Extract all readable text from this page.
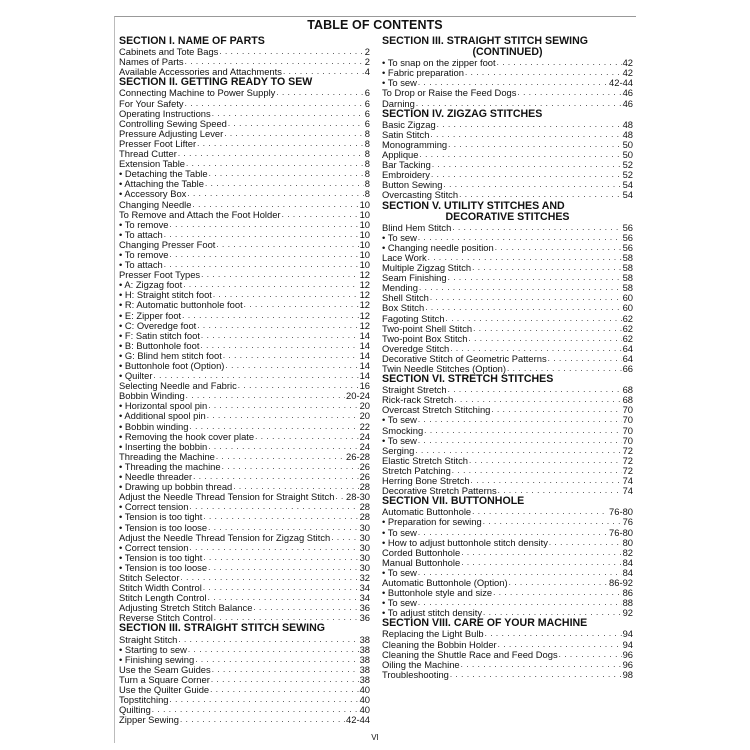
TABLE OF CONTENTS
SECTION I. NAME OF PARTS
Cabinets and Tote Bags . . .	2
Names of Parts . . .	2
Available Accessories and Attachments . . .	4
SECTION II. GETTING READY TO SEW
Connecting Machine to Power Supply . . .	6
For Your Safety . . .	6
Operating Instructions . . .	6
Controlling Sewing Speed . . .	6
Pressure Adjusting Lever . . .	8
Presser Foot Lifter . . .	8
Thread Cutter . . .	8
Extension Table . . .	8
• Detaching the Table . . .	8
• Attaching the Table . . .	8
• Accessory Box . . .	8
Changing Needle . . .	10
To Remove and Attach the Foot Holder . . .	10
• To remove . . .	10
• To attach . . .	10
Changing Presser Foot . . .	10
• To remove . . .	10
• To attach . . .	10
Presser Foot Types . . .	12
• A: Zigzag foot . . .	12
• H: Straight stitch foot . . .	12
• R: Automatic buttonhole foot . . .	12
• E: Zipper foot . . .	12
• C: Overedge foot . . .	12
• F: Satin stitch foot . . .	14
• B: Buttonhole foot . . .	14
• G: Blind hem stitch foot . . .	14
• Buttonhole foot (Option) . . .	14
• Quilter . . .	14
Selecting Needle and Fabric . . .	16
Bobbin Winding . . .	20-24
• Horizontal spool pin . . .	20
• Additional spool pin . . .	20
• Bobbin winding . . .	22
• Removing the hook cover plate . . .	24
• Inserting the bobbin . . .	24
Threading the Machine . . .	26-28
• Threading the machine . . .	26
• Needle threader . . .	26
• Drawing up bobbin thread . . .	28
Adjust the Needle Thread Tension for Straight Stitch . . . 28-30
• Correct tension . . .	28
• Tension is too tight . . .	28
• Tension is too loose . . .	30
Adjust the Needle Thread Tension for Zigzag Stitch . . .	30
• Correct tension . . .	30
• Tension is too tight . . .	30
• Tension is too loose . . .	30
Stitch Selector . . .	32
Stitch Width Control . . .	34
Stitch Length Control . . .	34
Adjusting Stretch Stitch Balance . . .	36
Reverse Stitch Control . . .	36
SECTION III. STRAIGHT STITCH SEWING
Straight Stitch . . .	38
• Starting to sew . . .	38
• Finishing sewing . . .	38
Use the Seam Guides . . .	38
Turn a Square Corner . . .	38
Use the Quilter Guide . . .	40
Topstitching . . .	40
Quilting . . .	40
Zipper Sewing . . .	42-44
SECTION III. STRAIGHT STITCH SEWING
(CONTINUED)
• To snap on the zipper foot . . .	42
• Fabric preparation . . .	42
• To sew . . .	42-44
To Drop or Raise the Feed Dogs . . .	46
Darning . . .	46
SECTION IV. ZIGZAG STITCHES
Basic Zigzag . . .	48
Satin Stitch . . .	48
Monogramming . . .	50
Applique . . .	50
Bar Tacking . . .	52
Embroidery . . .	52
Button Sewing . . .	54
Overcasting Stitch . . .	54
SECTION V. UTILITY STITCHES AND
DECORATIVE STITCHES
Blind Hem Stitch . . .	56
• To sew . . .	56
• Changing needle position . . .	56
Lace Work . . .	58
Multiple Zigzag Stitch . . .	58
Seam Finishing . . .	58
Mending . . .	58
Shell Stitch . . .	60
Box Stitch . . .	60
Fagoting Stitch . . .	62
Two-point Shell Stitch . . .	62
Two-point Box Stitch . . .	62
Overedge Stitch . . .	64
Decorative Stitch of Geometric Patterns . . .	64
Twin Needle Stitches (Option) . . .	66
SECTION VI. STRETCH STITCHES
Straight Stretch . . .	68
Rick-rack Stretch . . .	68
Overcast Stretch Stitching . . .	70
• To sew . . .	70
Smocking . . .	70
• To sew . . .	70
Serging . . .	72
Elastic Stretch Stitch . . .	72
Stretch Patching . . .	72
Herring Bone Stretch . . .	74
Decorative Stretch Patterns . . .	74
SECTION VII. BUTTONHOLE
Automatic Buttonhole . . .	76-80
• Preparation for sewing . . .	76
• To sew . . .	76-80
• How to adjust buttonhole stitch density . . .	80
Corded Buttonhole . . .	82
Manual Buttonhole . . .	84
• To sew . . .	84
Automatic Buttonhole (Option) . . .	86-92
• Buttonhole style and size . . .	86
• To sew . . .	88
• To adjust stitch density . . .	92
SECTION VIII. CARE OF YOUR MACHINE
Replacing the Light Bulb . . .	94
Cleaning the Bobbin Holder . . .	94
Cleaning the Shuttle Race and Feed Dogs . . .	96
Oiling the Machine . . .	96
Troubleshooting . . .	98
VI
